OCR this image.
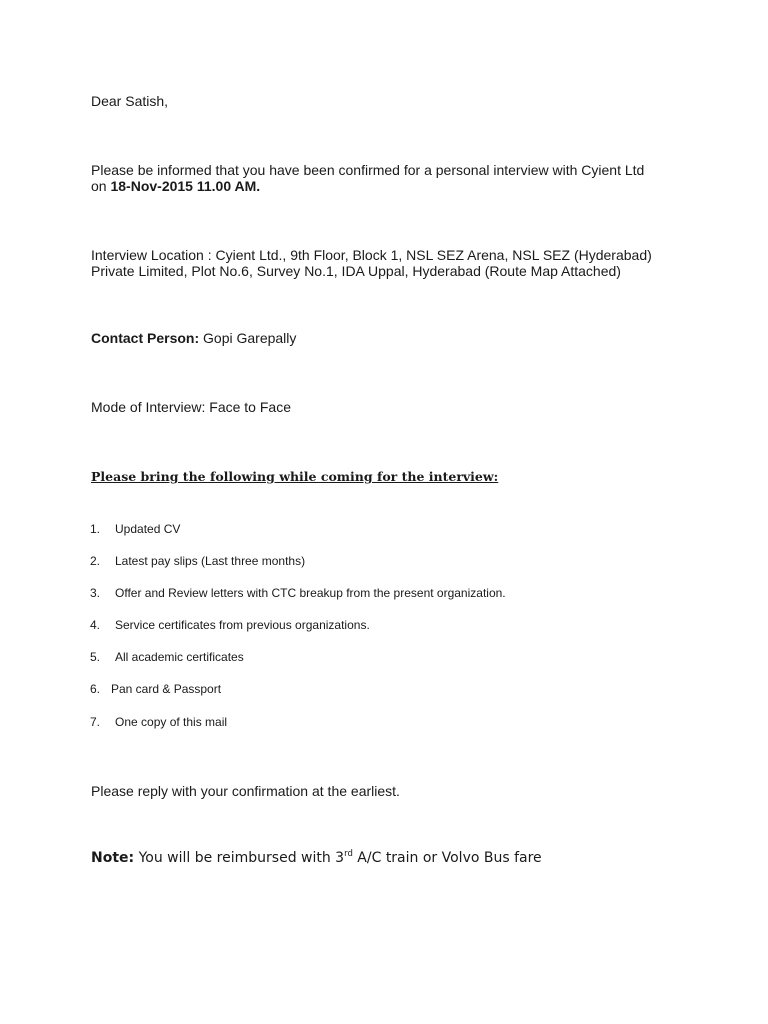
Dear Satish,

Please be informed that you have been confirmed for a personal interview with Cyient Ltd

on 18-Nov-2015 11.00 AM.

Interview Location : Cyient Ltd., 9th Floor, Block 1, NSL SEZ Arena, NSL SEZ (Hyderabad)

Private Limited, Plot No.6, Survey No.1, IDA Uppal, Hyderabad (Route Map Attached)

Contact Person: Gopi Garepally

Mode of Interview: Face to Face

Please bring the following while coming for the interview:

1. Updated CV
2. Latest pay slips (Last three months)
3. Offer and Review letters with CTC breakup from the present organization.
4. Service certificates from previous organizations.
5. All academic certificates
6. Pan card & Passport
7. One copy of this mail

Please reply with your confirmation at the earliest.

Note: You will be reimbursed with 3rd A/C train or Volvo Bus fare
